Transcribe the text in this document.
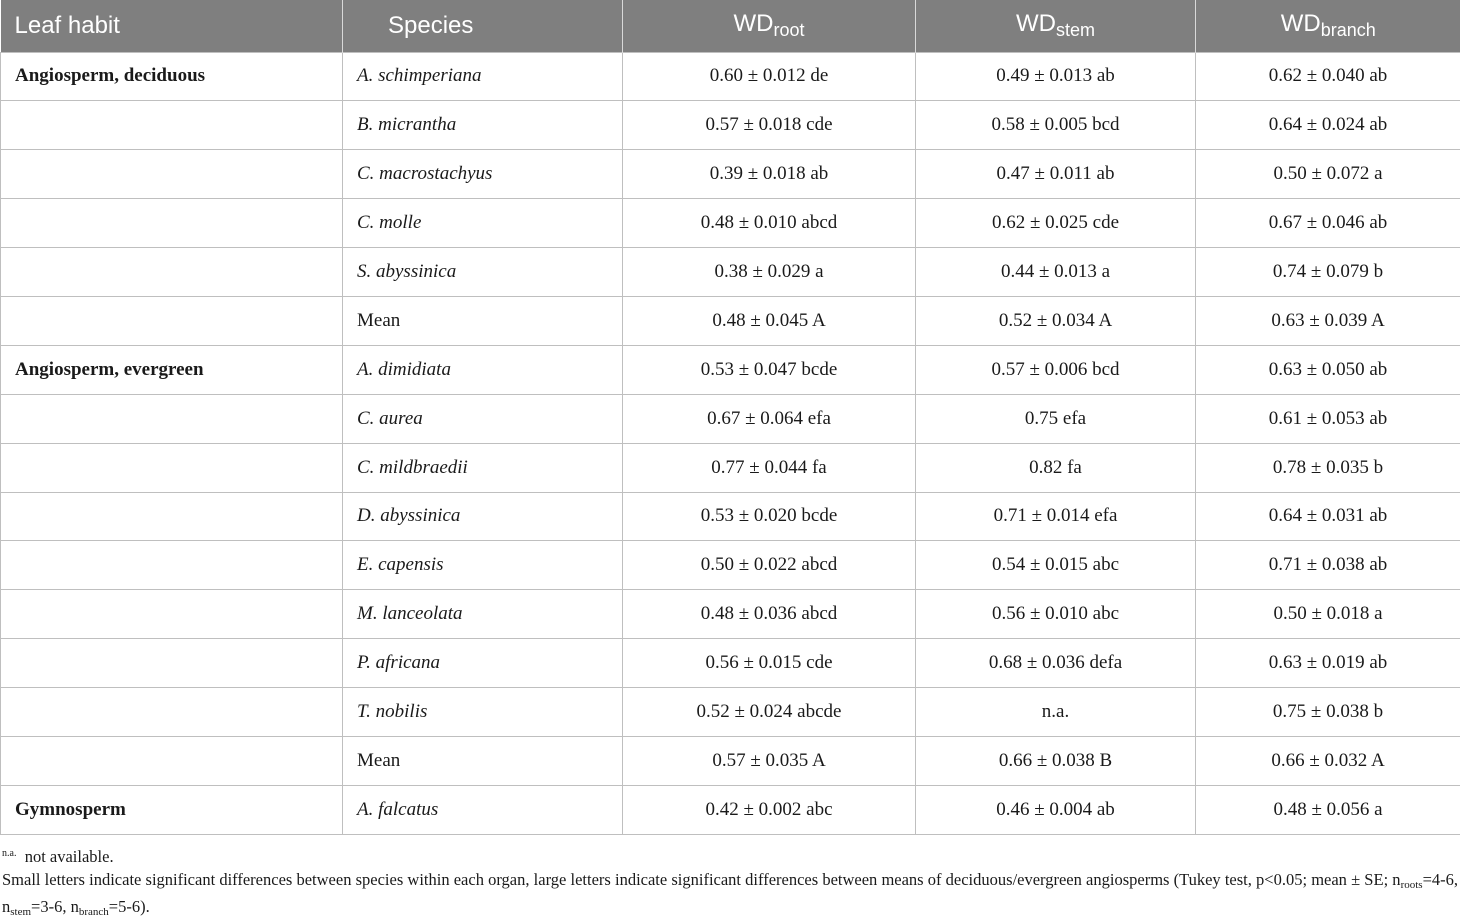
Leaf habit	Species	$WD_{root}$	$WD_{stem}$	$WD_{branch}$
Angiosperm, deciduous	A. schimperiana	0.60 ± 0.012 de	0.49 ± 0.013 ab	0.62 ± 0.040 ab
	B. micrantha	0.57 ± 0.018 cde	0.58 ± 0.005 bcd	0.64 ± 0.024 ab
	C. macrostachyus	0.39 ± 0.018 ab	0.47 ± 0.011 ab	0.50 ± 0.072 a
	C. molle	0.48 ± 0.010 abcd	0.62 ± 0.025 cde	0.67 ± 0.046 ab
	S. abyssinica	0.38 ± 0.029 a	0.44 ± 0.013 a	0.74 ± 0.079 b
	Mean	0.48 ± 0.045 A	0.52 ± 0.034 A	0.63 ± 0.039 A
Angiosperm, evergreen	A. dimidiata	0.53 ± 0.047 bcde	0.57 ± 0.006 bcd	0.63 ± 0.050 ab
	C. aurea	0.67 ± 0.064 efa	0.75 efa	0.61 ± 0.053 ab
	C. mildbraedii	0.77 ± 0.044 fa	0.82 fa	0.78 ± 0.035 b
	D. abyssinica	0.53 ± 0.020 bcde	0.71 ± 0.014 efa	0.64 ± 0.031 ab
	E. capensis	0.50 ± 0.022 abcd	0.54 ± 0.015 abc	0.71 ± 0.038 ab
	M. lanceolata	0.48 ± 0.036 abcd	0.56 ± 0.010 abc	0.50 ± 0.018 a
	P. africana	0.56 ± 0.015 cde	0.68 ± 0.036 defa	0.63 ± 0.019 ab
	T. nobilis	0.52 ± 0.024 abcde	n.a.	0.75 ± 0.038 b
	Mean	0.57 ± 0.035 A	0.66 ± 0.038 B	0.66 ± 0.032 A
Gymnosperm	A. falcatus	0.42 ± 0.002 abc	0.46 ± 0.004 ab	0.48 ± 0.056 a
$^{n.a.}$ not available.
Small letters indicate significant differences between species within each organ, large letters indicate significant differences between means of deciduous/evergreen angiosperms (Tukey test, p<0.05; mean ± SE; $n_{roots}=4-6$, $n_{stem}=3-6$, $n_{branch}=5-6$).
